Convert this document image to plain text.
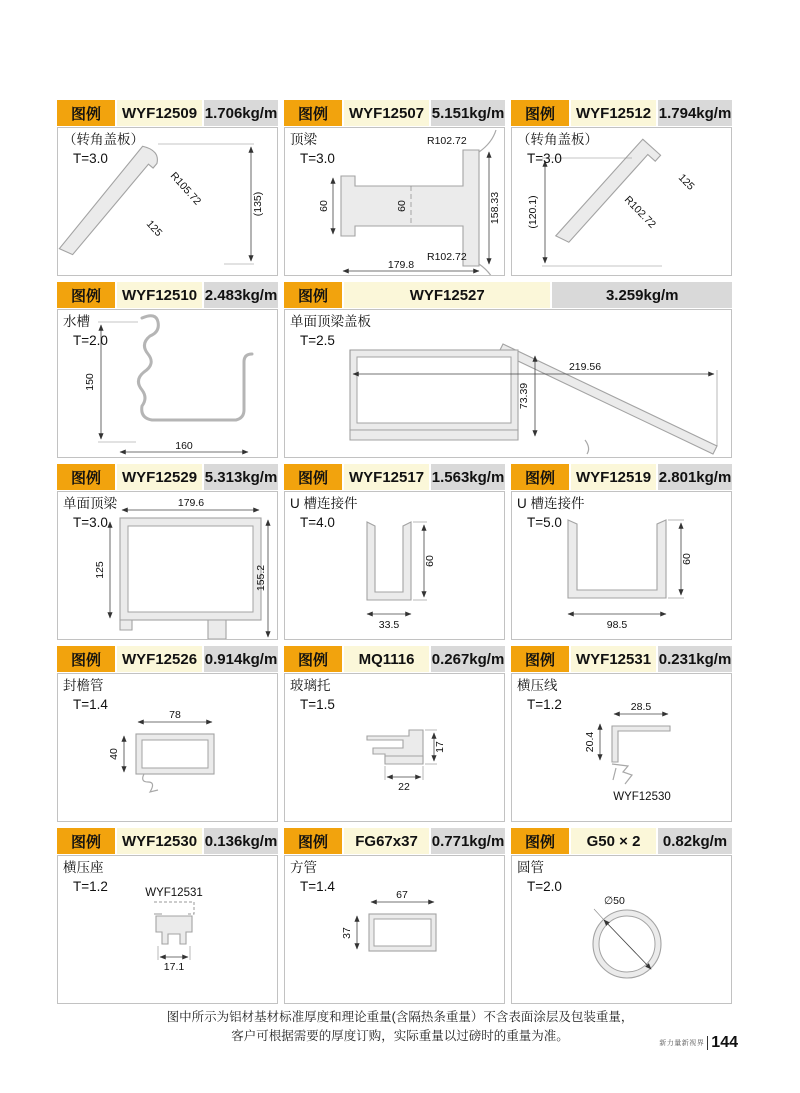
图例	WYF12509 1.706kg/m
（转角盖板）
T=3.0
(135)
R105.72
125
图例	WYF12507 5.151kg/m
顶梁
T=3.0
R102.72
R102.72
60	60	158.33
179.8
图例	WYF12512 1.794kg/m
（转角盖板）
T=3.0
(120.1)	R102.72
125
图例	WYF12510 2.483kg/m
水槽
T=2.0
150
160
图例	WYF12527	3.259kg/m
单面顶梁盖板
T=2.5
219.56
73.39
图例	WYF12529 5.313kg/m
单面顶梁
T=3.0
179.6
125	155.2
图例	WYF12517 1.563kg/m
U 槽连接件
T=4.0
60
33.5
图例	WYF12519 2.801kg/m
U 槽连接件
T=5.0
60
98.5
图例	WYF12526 0.914kg/m
封檐管
T=1.4
78
40
图例	MQ1116	0.267kg/m
玻璃托
T=1.5
17
22
图例	WYF12531 0.231kg/m
横压线
T=1.2	28.5
20.4
WYF12530
图例	WYF12530 0.136kg/m
横压座
T=1.2	WYF12531
17.1
图例	FG67x37 0.771kg/m
方管
T=1.4
67
37
图例	G50 × 2	0.82kg/m
圆管
T=2.0
∅50
图中所示为铝材基材标准厚度和理论重量(含隔热条重量）不含表面涂层及包装重量，
客户可根据需要的厚度订购，实际重量以过磅时的重量为准。
新力量新视界 144
